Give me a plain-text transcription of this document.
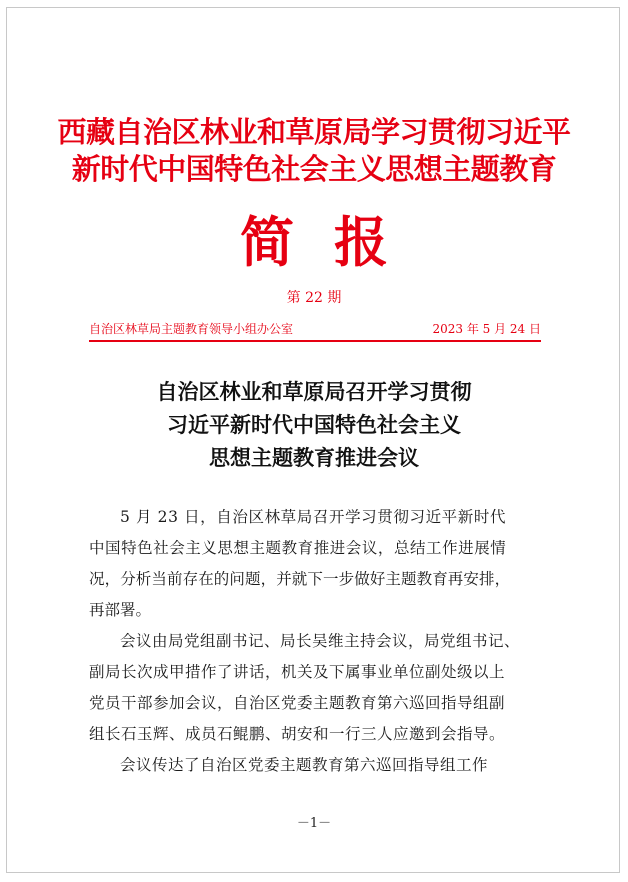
西藏自治区林业和草原局学习贯彻习近平
新时代中国特色社会主义思想主题教育
简报
第 22 期
自治区林草局主题教育领导小组办公室	2023 年 5 月 24 日
自治区林业和草原局召开学习贯彻
习近平新时代中国特色社会主义
思想主题教育推进会议
5 月 23 日，自治区林草局召开学习贯彻习近平新时代
中国特色社会主义思想主题教育推进会议，总结工作进展情
况，分析当前存在的问题，并就下一步做好主题教育再安排，
再部署。
会议由局党组副书记、局长吴维主持会议，局党组书记、
副局长次成甲措作了讲话，机关及下属事业单位副处级以上
党员干部参加会议，自治区党委主题教育第六巡回指导组副
组长石玉辉、成员石鲲鹏、胡安和一行三人应邀到会指导。
会议传达了自治区党委主题教育第六巡回指导组工作
－1－
